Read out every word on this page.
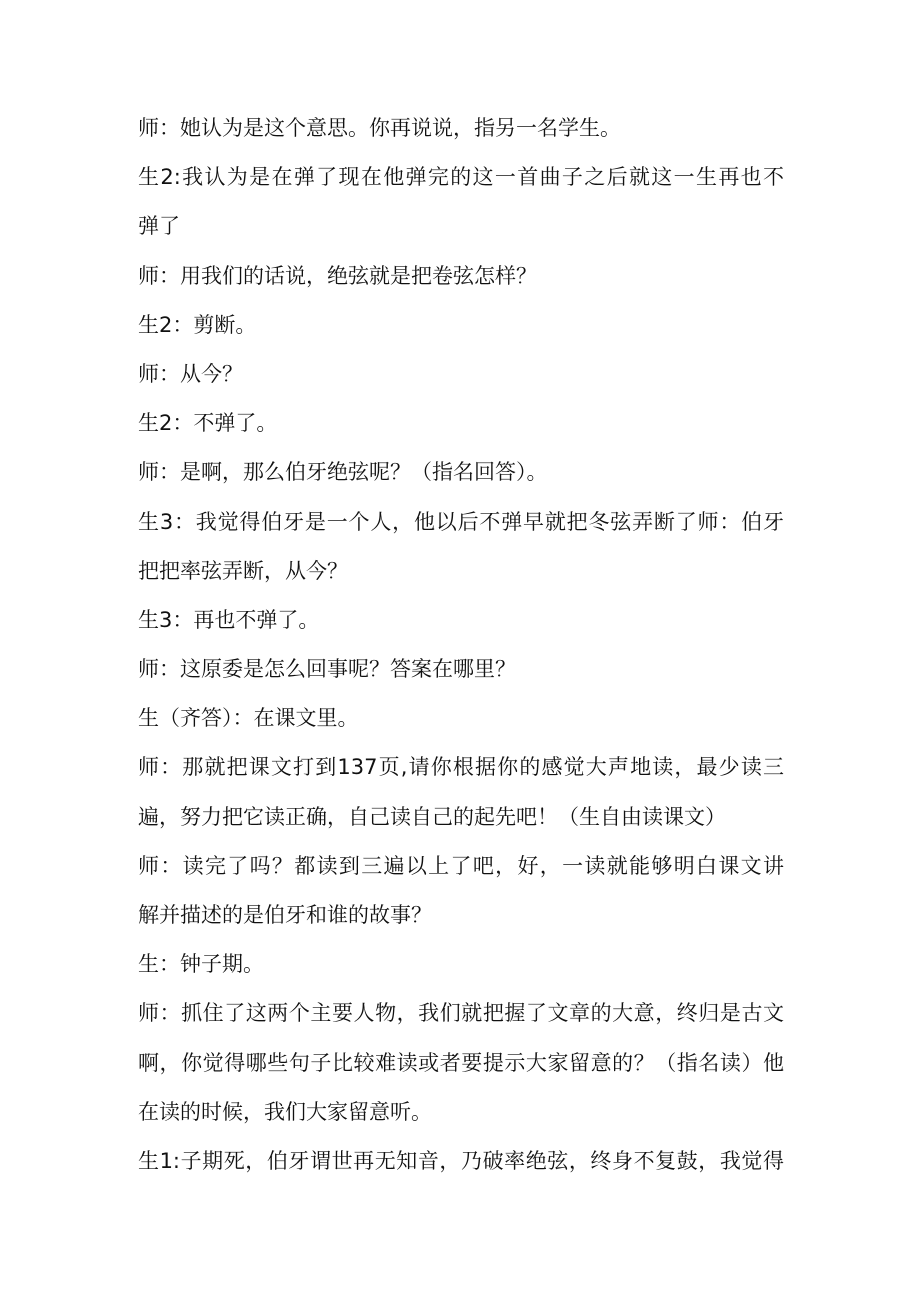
师：她认为是这个意思。你再说说，指另一名学生。
生2:我认为是在弹了现在他弹完的这一首曲子之后就这一生再也不
弹了
师：用我们的话说，绝弦就是把卷弦怎样？
生2：剪断。
师：从今？
生2：不弹了。
师：是啊，那么伯牙绝弦呢？（指名回答）。
生3：我觉得伯牙是一个人，他以后不弹早就把冬弦弄断了师：伯牙
把把率弦弄断，从今？
生3：再也不弹了。
师：这原委是怎么回事呢？答案在哪里？
生（齐答）：在课文里。
师：那就把课文打到137页,请你根据你的感觉大声地读，最少读三
遍，努力把它读正确，自己读自己的起先吧！（生自由读课文）
师：读完了吗？都读到三遍以上了吧，好，一读就能够明白课文讲
解并描述的是伯牙和谁的故事？
生：钟子期。
师：抓住了这两个主要人物，我们就把握了文章的大意，终归是古文
啊，你觉得哪些句子比较难读或者要提示大家留意的？（指名读）他
在读的时候，我们大家留意听。
生1:子期死，伯牙谓世再无知音，乃破率绝弦，终身不复鼓，我觉得
